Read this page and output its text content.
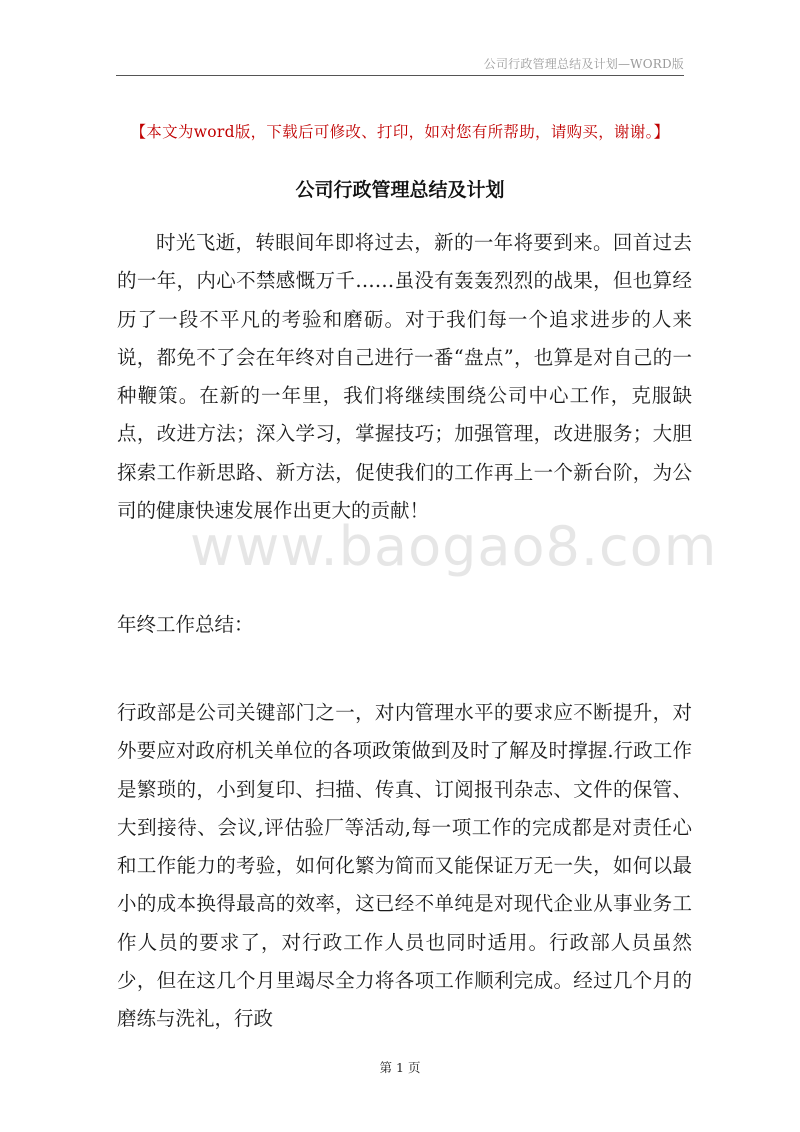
公司行政管理总结及计划—WORD版
【本文为word版，下载后可修改、打印，如对您有所帮助，请购买，谢谢。】
公司行政管理总结及计划

时光飞逝，转眼间年即将过去，新的一年将要到来。回首过去的一年，内心不禁感慨万千……虽没有轰轰烈烈的战果，但也算经历了一段不平凡的考验和磨砺。对于我们每一个追求进步的人来说，都免不了会在年终对自己进行一番“盘点”，也算是对自己的一种鞭策。在新的一年里，我们将继续围绕公司中心工作，克服缺点，改进方法；深入学习，掌握技巧；加强管理，改进服务；大胆探索工作新思路、新方法，促使我们的工作再上一个新台阶，为公司的健康快速发展作出更大的贡献！

www.baogao8.com

年终工作总结：

行政部是公司关键部门之一，对内管理水平的要求应不断提升，对外要应对政府机关单位的各项政策做到及时了解及时撑握.行政工作是繁琐的，小到复印、扫描、传真、订阅报刊杂志、文件的保管、大到接待、会议,评估验厂等活动,每一项工作的完成都是对责任心和工作能力的考验，如何化繁为简而又能保证万无一失，如何以最小的成本换得最高的效率，这已经不单纯是对现代企业从事业务工作人员的要求了，对行政工作人员也同时适用。行政部人员虽然少，但在这几个月里竭尽全力将各项工作顺利完成。经过几个月的磨练与洗礼，行政

第 1 页
